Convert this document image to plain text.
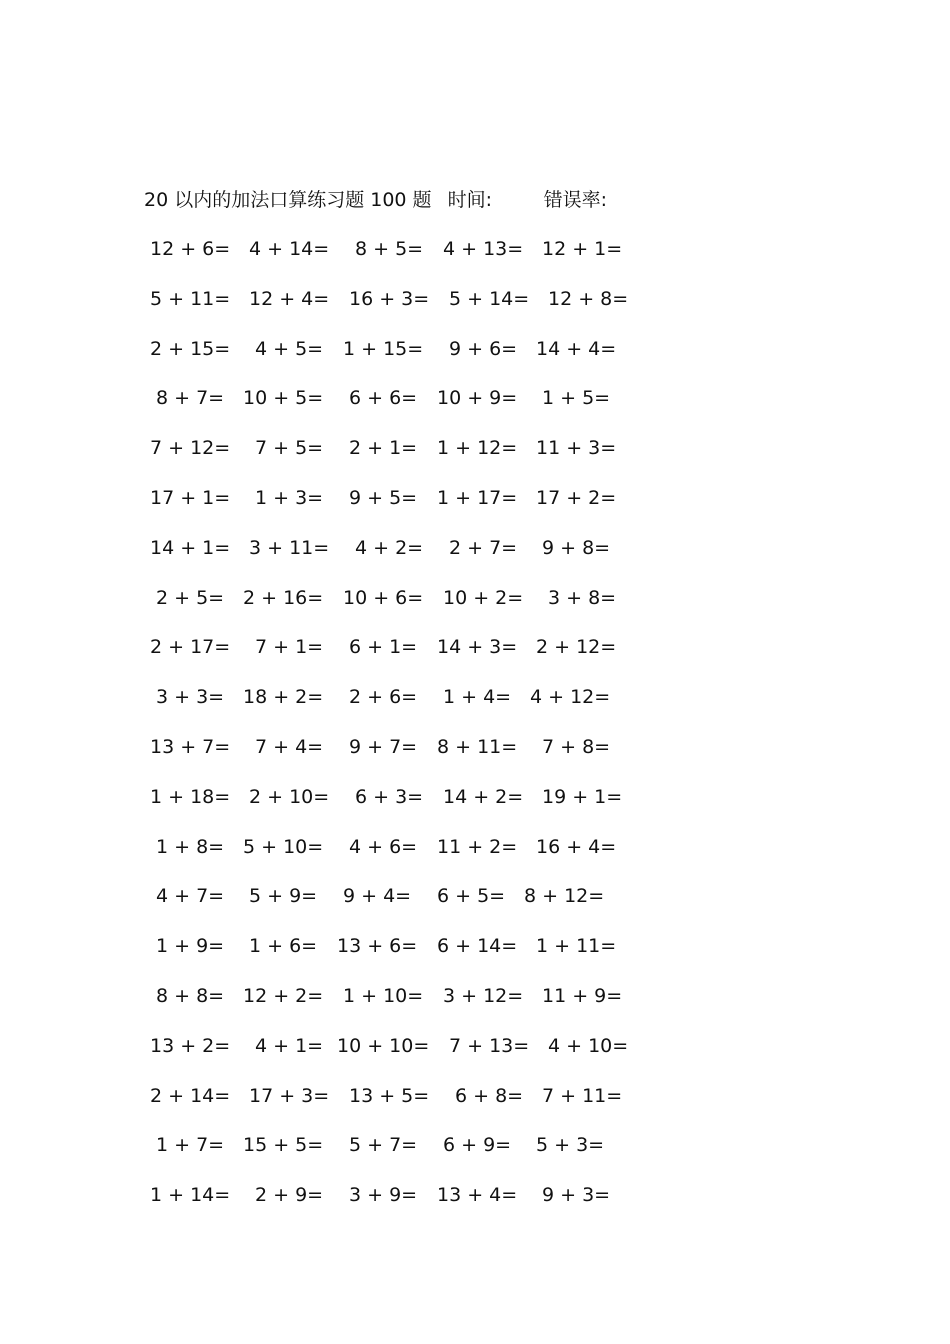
20 以内的加法口算练习题 100 题 时间:	错误率:
12 + 6= 4 + 14= 8 + 5= 4 + 13= 12 + 1=
5 + 11= 12 + 4= 16 + 3= 5 + 14= 12 + 8=
2 + 15= 4 + 5= 1 + 15= 9 + 6= 14 + 4=
8 + 7= 10 + 5= 6 + 6= 10 + 9= 1 + 5=
7 + 12= 7 + 5= 2 + 1= 1 + 12= 11 + 3=
17 + 1= 1 + 3= 9 + 5= 1 + 17= 17 + 2=
14 + 1= 3 + 11= 4 + 2= 2 + 7= 9 + 8=
2 + 5= 2 + 16= 10 + 6= 10 + 2= 3 + 8=
2 + 17= 7 + 1= 6 + 1= 14 + 3= 2 + 12=
3 + 3= 18 + 2= 2 + 6= 1 + 4= 4 + 12=
13 + 7= 7 + 4= 9 + 7= 8 + 11= 7 + 8=
1 + 18= 2 + 10= 6 + 3= 14 + 2= 19 + 1=
1 + 8= 5 + 10= 4 + 6= 11 + 2= 16 + 4=
4 + 7= 5 + 9= 9 + 4= 6 + 5= 8 + 12=
1 + 9= 1 + 6= 13 + 6= 6 + 14= 1 + 11=
8 + 8= 12 + 2= 1 + 10= 3 + 12= 11 + 9=
13 + 2= 4 + 1= 10 + 10= 7 + 13= 4 + 10=
2 + 14= 17 + 3= 13 + 5= 6 + 8= 7 + 11=
1 + 7= 15 + 5= 5 + 7= 6 + 9= 5 + 3=
1 + 14= 2 + 9= 3 + 9= 13 + 4= 9 + 3=
